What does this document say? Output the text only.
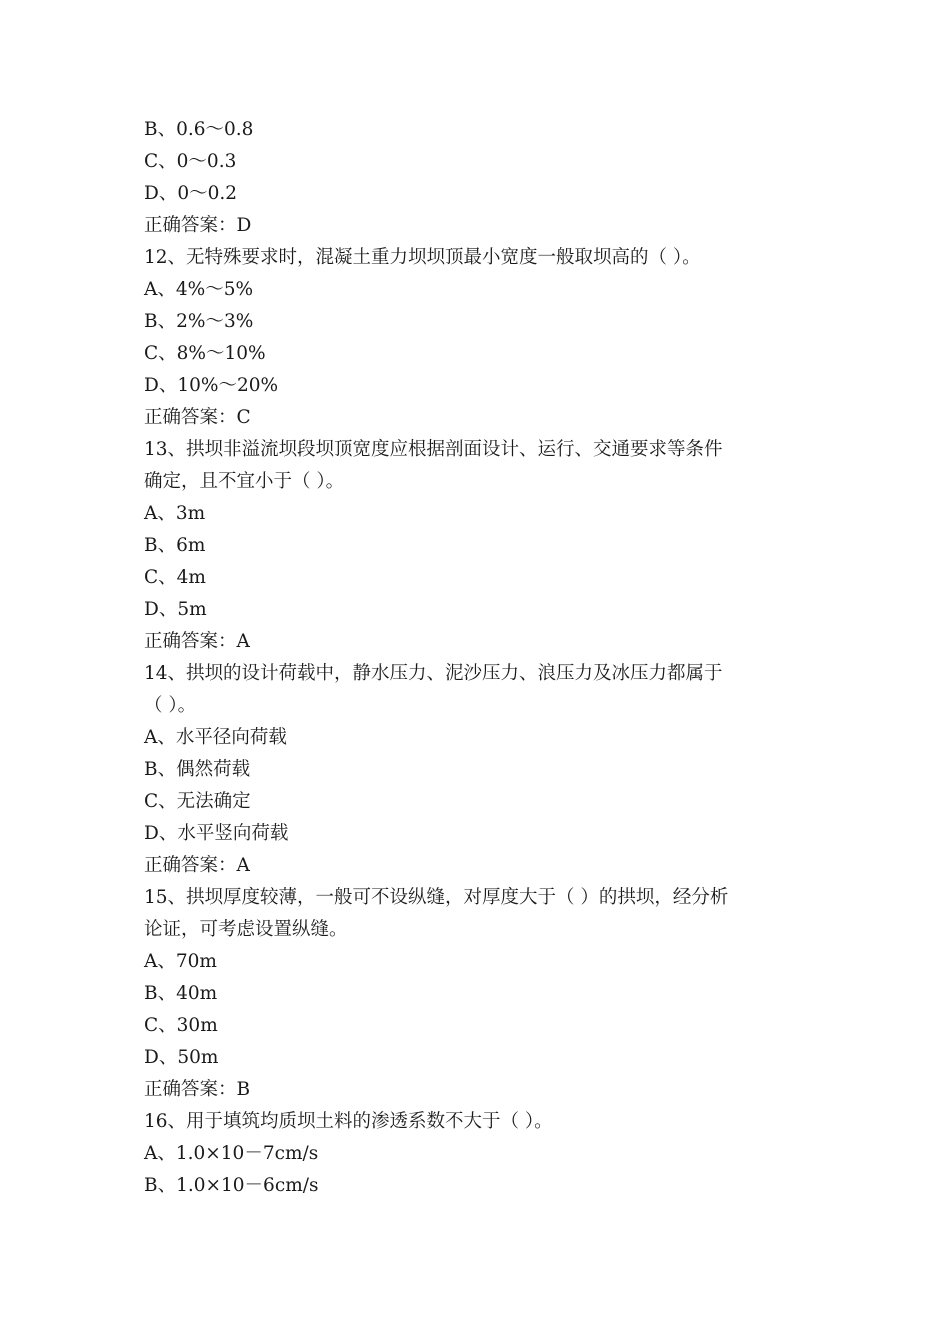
B、0.6～0.8
C、0～0.3
D、0～0.2
正确答案：D
12、无特殊要求时，混凝土重力坝坝顶最小宽度一般取坝高的（ ）。
A、4%～5%
B、2%～3%
C、8%～10%
D、10%～20%
正确答案：C
13、拱坝非溢流坝段坝顶宽度应根据剖面设计、运行、交通要求等条件
确定，且不宜小于（ ）。
A、3m
B、6m
C、4m
D、5m
正确答案：A
14、拱坝的设计荷载中，静水压力、泥沙压力、浪压力及冰压力都属于
（ ）。
A、水平径向荷载
B、偶然荷载
C、无法确定
D、水平竖向荷载
正确答案：A
15、拱坝厚度较薄，一般可不设纵缝，对厚度大于（ ）的拱坝，经分析
论证，可考虑设置纵缝。
A、70m
B、40m
C、30m
D、50m
正确答案：B
16、用于填筑均质坝土料的渗透系数不大于（ ）。
A、1.0×10－7cm/s
B、1.0×10－6cm/s
